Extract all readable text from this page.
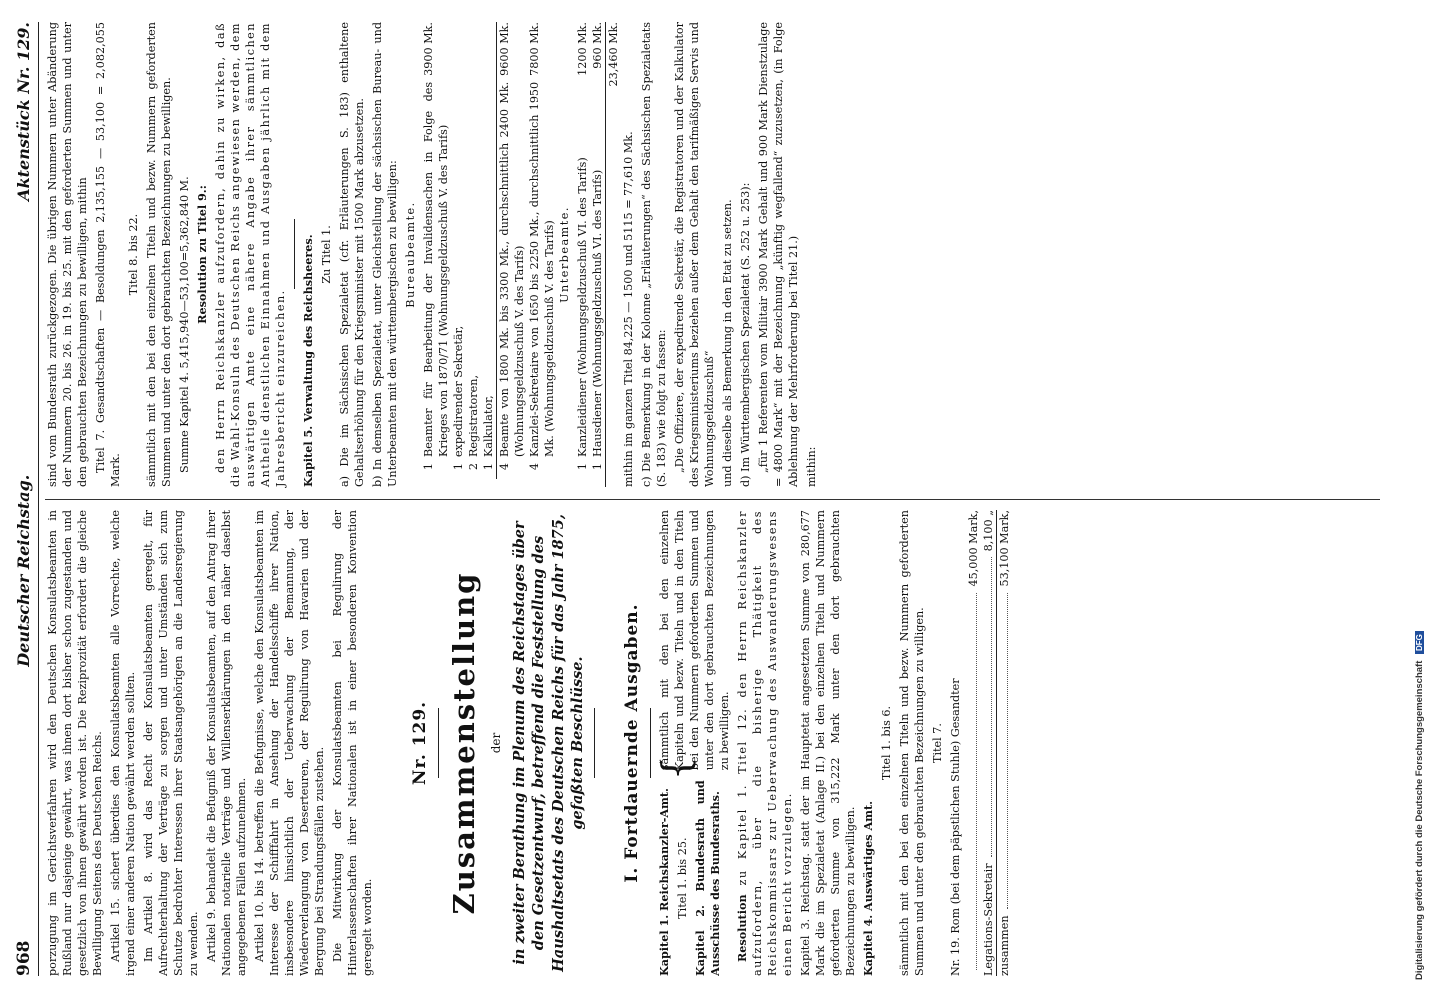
968
Deutscher Reichstag.
Aktenstück Nr. 129.

porzugung im Gerichtsverfahren wird den Deutschen Konsulatsbeamten in Rußland nur dasjenige gewährt, was ihnen dort bisher schon zugestanden und gesetzlich von ihnen gewährt worden ist. Die Reziprozität erfordert die gleiche Bewilligung Seitens des Deutschen Reichs. Artikel 15. sichert überdies den Konsulatsbeamten alle Vorrechte, welche irgend einer anderen Nation gewährt werden sollten. Im Artikel 8. wird das Recht der Konsulatsbeamten geregelt, für Aufrechterhaltung der Verträge zu sorgen und unter Umständen sich zum Schutze bedrohter Interessen ihrer Staatsangehörigen an die Landesregierung zu wenden. Artikel 9. behandelt die Befugniß der Konsulatsbeamten, auf den Antrag ihrer Nationalen notarielle Verträge und Willenserklärungen in den näher daselbst angegebenen Fällen aufzunehmen. Artikel 10. bis 14. betreffen die Befugnisse, welche den Konsulatsbeamten im Interesse der Schifffahrt in Ansehung der Handelsschiffe ihrer Nation, insbesondere hinsichtlich der Ueberwachung der Bemannung, der Wiederverlangung von Deserteuren, der Regulirung von Havarien und der Bergung bei Strandungsfällen zustehen. Die Mitwirkung der Konsulatsbeamten bei Regulirung der Hinterlassenschaften ihrer Nationalen ist in einer besonderen Konvention geregelt worden.

Nr. 129. Zusammenstellung der in zweiter Berathung im Plenum des Reichstages über den Gesetzentwurf, betreffend die Feststellung des Haushaltsetats des Deutschen Reichs für das Jahr 1875, gefaßten Beschlüsse. I. Fortdauernde Ausgaben. Kapitel 1. Reichskanzler-Amt. Titel 1. bis 25. Kapitel 2. Bundesrath und Ausschüsse des Bundesraths.

{

sämmtlich mit den bei den einzelnen Kapiteln und bezw. Titeln und in den Titeln bei den Nummern geforderten Summen und unter den dort gebrauchten Bezeichnungen zu bewilligen.

Resolution zu Kapitel 1. Titel 12. den Herrn Reichskanzler aufzufordern, über die bisherige Thätigkeit des Reichskommissars zur Ueberwachung des Auswanderungswesens einen Bericht vorzulegen. Kapitel 3. Reichstag. statt der im Hauptetat angesetzten Summe von 280,677 Mark die im Spezialetat (Anlage II.) bei den einzelnen Titeln und Nummern geforderten Summe von 315,222 Mark unter den dort gebrauchten Bezeichnungen zu bewilligen. Kapitel 4. Auswärtiges Amt.

Titel 1. bis 6. sämmtlich mit den bei den einzelnen Titeln und bezw. Nummern geforderten Summen und unter den gebrauchten Bezeichnungen zu willigen. Titel 7. Nr. 19. Rom (bei dem päpstlichen Stuhle) Gesandter

45,000 Mark,
Legations-Sekretair
8,100 „
zusammen
53,100 Mark,

sind vom Bundesrath zurückgezogen. Die übrigen Nummern unter Abänderung der Nummern 20. bis 26. in 19. bis 25. mit den geforderten Summen und unter den gebrauchten Bezeichnungen zu bewilligen, mithin Titel 7. Gesandtschaften — Besoldungen 2,135,155 — 53,100 = 2,082,055 Mark.

Titel 8. bis 22. sämmtlich mit den bei den einzelnen Titeln und bezw. Nummern geforderten Summen und unter den dort gebrauchten Bezeichnungen zu bewilligen. Summe Kapitel 4. 5,415,940—53,100=5,362,840 M. Resolution zu Titel 9.: den Herrn Reichskanzler aufzufordern, dahin zu wirken, daß die Wahl-Konsuln des Deutschen Reichs angewiesen werden, dem auswärtigen Amte eine nähere Angabe ihrer sämmtlichen Antheile dienstlichen Einnahmen und Ausgaben jährlich mit dem Jahresbericht einzureichen. Kapitel 5. Verwaltung des Reichsheeres. Zu Titel 1. a) Die im Sächsischen Spezialetat (cfr. Erläuterungen S. 183) enthaltene Gehaltserhöhung für den Kriegsminister mit 1500 Mark abzusetzen. b) In demselben Spezialetat, unter Gleichstellung der sächsischen Bureau- und Unterbeamten mit den württembergischen zu bewilligen: Bureaubeamte.

1
Beamter für Bearbeitung der Invalidensachen in Folge des Krieges von 1870/71 (Wohnungsgeldzuschuß V. des Tarifs)
3900 Mk.
1
expedirender Sekretär,
2
Registratoren,
1
Kalkulator,
4
Beamte von 1800 Mk. bis 3300 Mk., durchschnittlich 2400 Mk. (Wohnungsgeldzuschuß V. des Tarifs)
9600 Mk.
4
Kanzlei-Sekretaire von 1650 bis 2250 Mk., durchschnittlich 1950 Mk. (Wohnungsgeldzuschuß V. des Tarifs)
7800 Mk.

Unterbeamte.

1
Kanzleidiener (Wohnungsgeldzuschuß VI. des Tarifs)
1200 Mk.
1
Hausdiener (Wohnungsgeldzuschuß VI. des Tarifs)
960 Mk. 23,460 Mk.

mithin im ganzen Titel 84,225 — 1500 und 5115 = 77,610 Mk. c) Die Bemerkung in der Kolonne „Erläuterungen“ des Sächsischen Spezialetats (S. 183) wie folgt zu fassen: „Die Offiziere, der expedirende Sekretär, die Registratoren und der Kalkulator des Kriegsministeriums beziehen außer dem Gehalt den tarifmäßigen Servis und Wohnungsgeldzuschuß“ und dieselbe als Bemerkung in den Etat zu setzen. d) Im Württembergischen Spezialetat (S. 252 u. 253): „für 1 Referenten vom Militair 3900 Mark Gehalt und 900 Mark Dienstzulage = 4800 Mark“ mit der Bezeichnung „künftig wegfallend“ zuzusetzen, (in Folge Ablehnung der Mehrforderung bei Titel 21.) mithin:

Digitalisierung gefördert durch die Deutsche Forschungsgemeinschaft DFG
